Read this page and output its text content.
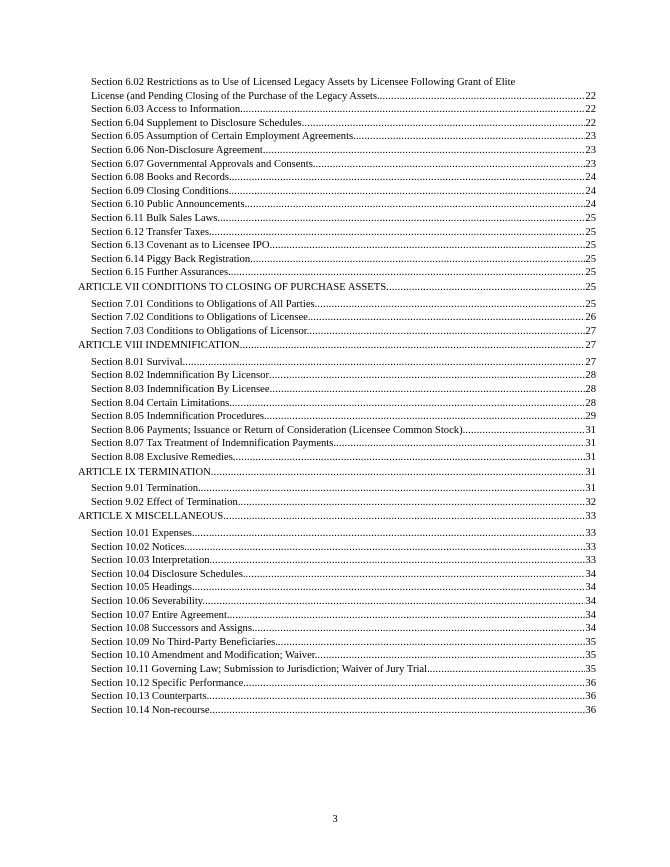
Section 6.02 Restrictions as to Use of Licensed Legacy Assets by Licensee Following Grant of Elite
License (and Pending Closing of the Purchase of the Legacy Assets. .....	22
Section 6.03 Access to Information. .....	22
Section 6.04 Supplement to Disclosure Schedules. .....	22
Section 6.05 Assumption of Certain Employment Agreements. .....	23
Section 6.06 Non-Disclosure Agreement .....	23
Section 6.07 Governmental Approvals and Consents. .....	23
Section 6.08 Books and Records. .....	24
Section 6.09 Closing Conditions. .....	24
Section 6.10 Public Announcements. .....	24
Section 6.11 Bulk Sales Laws. .....	25
Section 6.12 Transfer Taxes. .....	25
Section 6.13 Covenant as to Licensee IPO. .....	25
Section 6.14 Piggy Back Registration. .....	25
Section 6.15 Further Assurances. .....	25
ARTICLE VII CONDITIONS TO CLOSING OF PURCHASE ASSETS .....	25
Section 7.01 Conditions to Obligations of All Parties. .....	25
Section 7.02 Conditions to Obligations of Licensee. .....	26
Section 7.03 Conditions to Obligations of Licensor. .....	27
ARTICLE VIII INDEMNIFICATION .....	27
Section 8.01 Survival. .....	27
Section 8.02 Indemnification By Licensor .....	28
Section 8.03 Indemnification By Licensee .....	28
Section 8.04 Certain Limitations. .....	28
Section 8.05 Indemnification Procedures. .....	29
Section 8.06 Payments; Issuance or Return of Consideration (Licensee Common Stock). .....	31
Section 8.07 Tax Treatment of Indemnification Payments. .....	31
Section 8.08 Exclusive Remedies. .....	31
ARTICLE IX TERMINATION .....	31
Section 9.01 Termination. .....	31
Section 9.02 Effect of Termination. .....	32
ARTICLE X MISCELLANEOUS .....	33
Section 10.01 Expenses. .....	33
Section 10.02 Notices. .....	33
Section 10.03 Interpretation. .....	33
Section 10.04 Disclosure Schedules. .....	34
Section 10.05 Headings. .....	34
Section 10.06 Severability. .....	34
Section 10.07 Entire Agreement. .....	34
Section 10.08 Successors and Assigns. .....	34
Section 10.09 No Third-Party Beneficiaries. .....	35
Section 10.10 Amendment and Modification; Waiver. .....	35
Section 10.11 Governing Law; Submission to Jurisdiction; Waiver of Jury Trial. .....	35
Section 10.12 Specific Performance. .....	36
Section 10.13 Counterparts. .....	36
Section 10.14 Non-recourse. .....	36
3
